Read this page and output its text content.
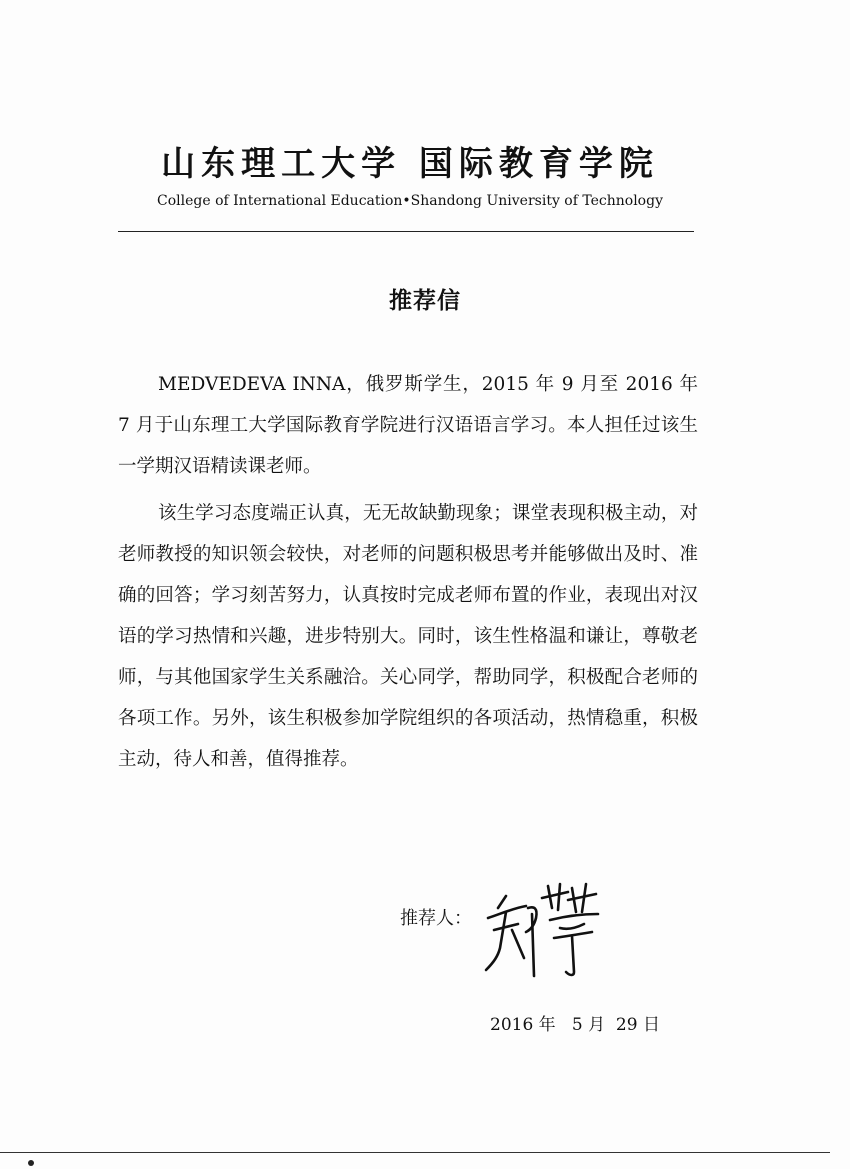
山东理工大学 国际教育学院
College of International Education•Shandong University of Technology
推荐信

MEDVEDEVA INNA，俄罗斯学生，2015 年 9 月至 2016 年 7 月于山东理工大学国际教育学院进行汉语语言学习。本人担任过该生一学期汉语精读课老师。

该生学习态度端正认真，无无故缺勤现象；课堂表现积极主动，对老师教授的知识领会较快，对老师的问题积极思考并能够做出及时、准确的回答；学习刻苦努力，认真按时完成老师布置的作业，表现出对汉语的学习热情和兴趣，进步特别大。同时，该生性格温和谦让，尊敬老师，与其他国家学生关系融洽。关心同学，帮助同学，积极配合老师的各项工作。另外，该生积极参加学院组织的各项活动，热情稳重，积极主动，待人和善，值得推荐。

推荐人：
2016 年   5 月  29 日
